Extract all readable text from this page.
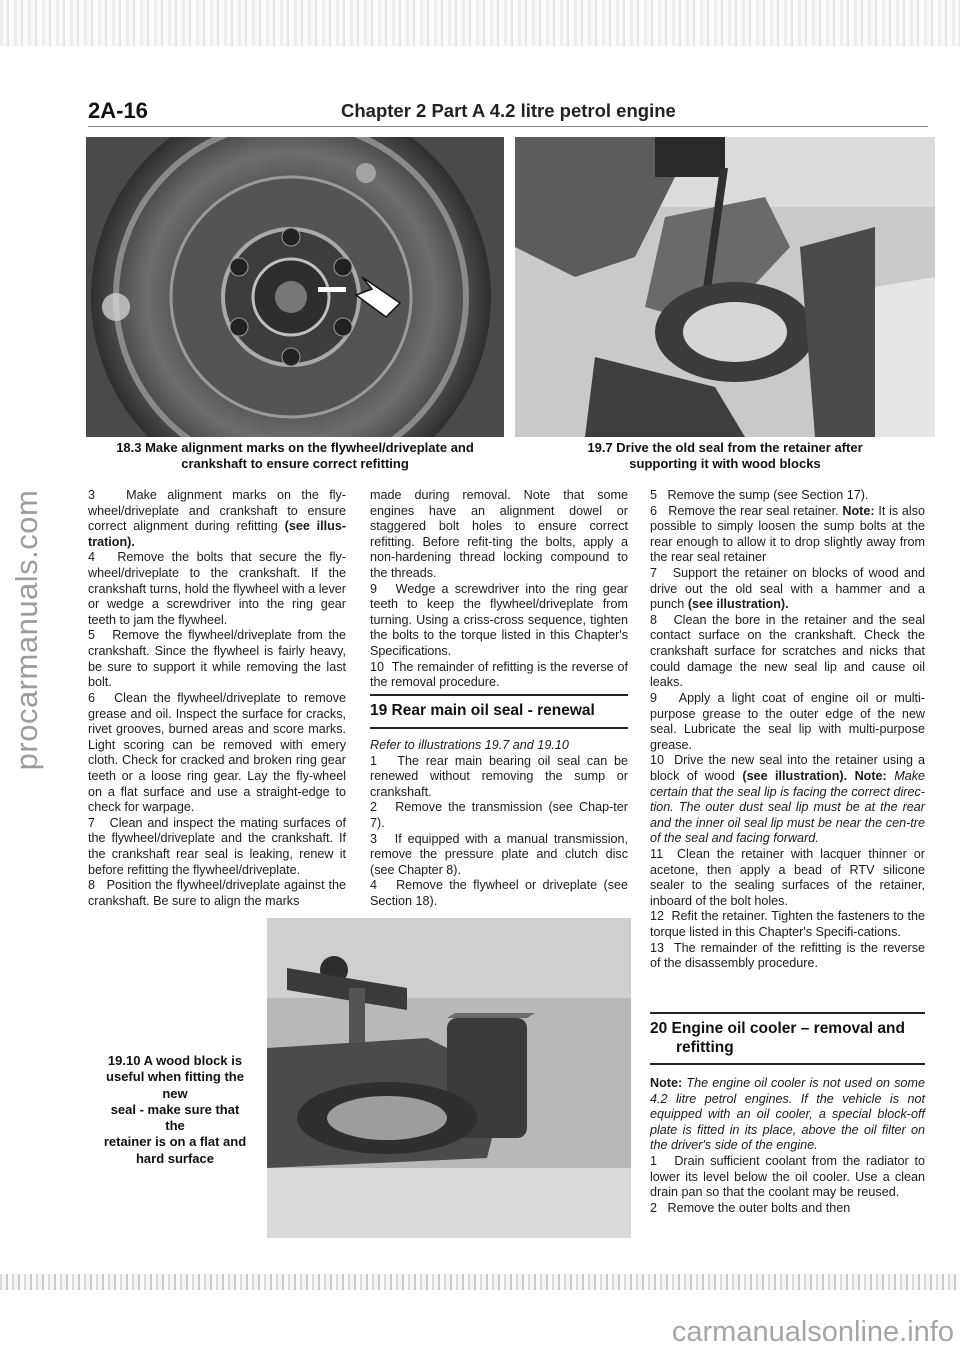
procarmanuals.com
2A-16	Chapter 2 Part A 4.2 litre petrol engine
18.3 Make alignment marks on the flywheel/driveplate and
crankshaft to ensure correct refitting
19.7 Drive the old seal from the retainer after
supporting it with wood blocks

3 Make alignment marks on the fly-wheel/driveplate and crankshaft to ensure correct alignment during refitting (see illus-tration).

4 Remove the bolts that secure the fly-wheel/driveplate to the crankshaft. If the crankshaft turns, hold the flywheel with a lever or wedge a screwdriver into the ring gear teeth to jam the flywheel.

5 Remove the flywheel/driveplate from the crankshaft. Since the flywheel is fairly heavy, be sure to support it while removing the last bolt.

6 Clean the flywheel/driveplate to remove grease and oil. Inspect the surface for cracks, rivet grooves, burned areas and score marks. Light scoring can be removed with emery cloth. Check for cracked and broken ring gear teeth or a loose ring gear. Lay the fly-wheel on a flat surface and use a straight-edge to check for warpage.

7 Clean and inspect the mating surfaces of the flywheel/driveplate and the crankshaft. If the crankshaft rear seal is leaking, renew it before refitting the flywheel/driveplate.

8 Position the flywheel/driveplate against the crankshaft. Be sure to align the marks

made during removal. Note that some engines have an alignment dowel or staggered bolt holes to ensure correct refitting. Before refit-ting the bolts, apply a non-hardening thread locking compound to the threads.

9 Wedge a screwdriver into the ring gear teeth to keep the flywheel/driveplate from turning. Using a criss-cross sequence, tighten the bolts to the torque listed in this Chapter's Specifications.

10 The remainder of refitting is the reverse of the removal procedure.

19 Rear main oil seal - renewal

Refer to illustrations 19.7 and 19.10

1 The rear main bearing oil seal can be renewed without removing the sump or crankshaft.

2 Remove the transmission (see Chap-ter 7).

3 If equipped with a manual transmission, remove the pressure plate and clutch disc (see Chapter 8).

4 Remove the flywheel or driveplate (see Section 18).

5 Remove the sump (see Section 17).

6 Remove the rear seal retainer. Note: It is also possible to simply loosen the sump bolts at the rear enough to allow it to drop slightly away from the rear seal retainer

7 Support the retainer on blocks of wood and drive out the old seal with a hammer and a punch (see illustration).

8 Clean the bore in the retainer and the seal contact surface on the crankshaft. Check the crankshaft surface for scratches and nicks that could damage the new seal lip and cause oil leaks.

9 Apply a light coat of engine oil or multi-purpose grease to the outer edge of the new seal. Lubricate the seal lip with multi-purpose grease.

10 Drive the new seal into the retainer using a block of wood (see illustration). Note: Make certain that the seal lip is facing the correct direc-tion. The outer dust seal lip must be at the rear and the inner oil seal lip must be near the cen-tre of the seal and facing forward.

11 Clean the retainer with lacquer thinner or acetone, then apply a bead of RTV silicone sealer to the sealing surfaces of the retainer, inboard of the bolt holes.

12 Refit the retainer. Tighten the fasteners to the torque listed in this Chapter's Specifi-cations.

13 The remainder of the refitting is the reverse of the disassembly procedure.

20 Engine oil cooler – removal and
refitting

Note: The engine oil cooler is not used on some 4.2 litre petrol engines. If the vehicle is not equipped with an oil cooler, a special block-off plate is fitted in its place, above the oil filter on the driver's side of the engine.

1 Drain sufficient coolant from the radiator to lower its level below the oil cooler. Use a clean drain pan so that the coolant may be reused.

2 Remove the outer bolts and then

19.10 A wood block is
useful when fitting the new
seal - make sure that the
retainer is on a flat and
hard surface
carmanualsonline.info
